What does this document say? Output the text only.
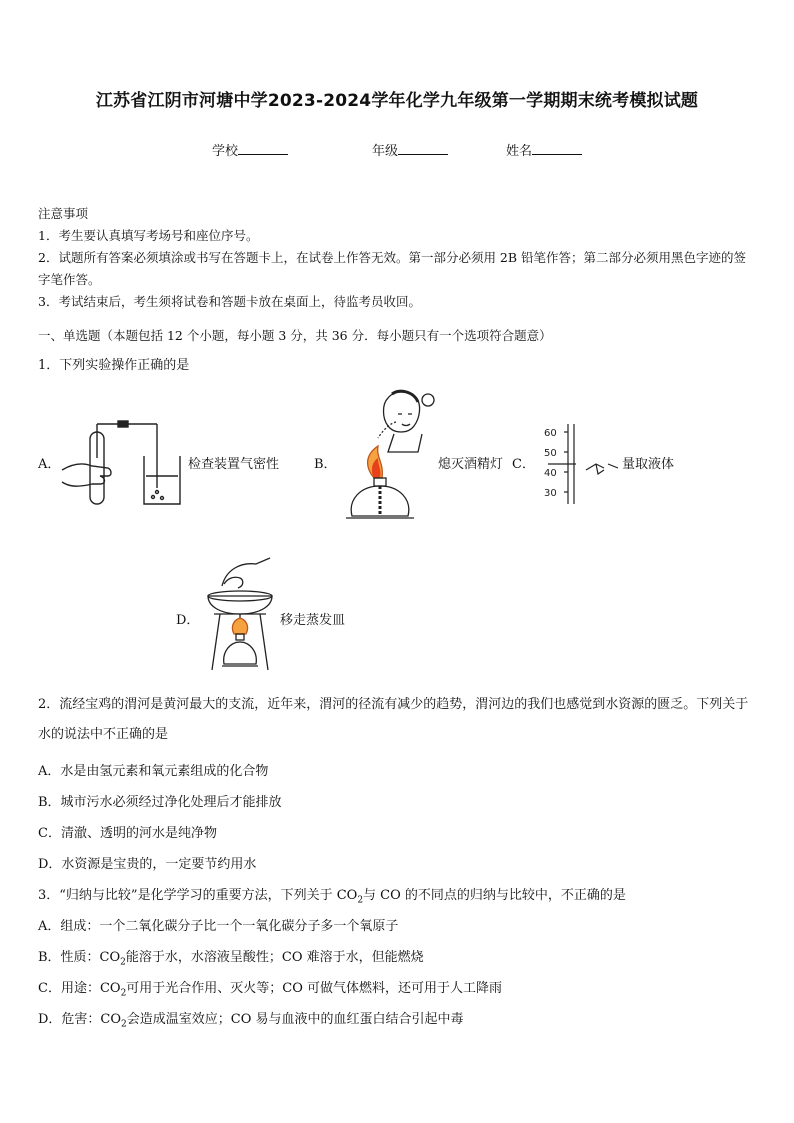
江苏省江阴市河塘中学2023-2024学年化学九年级第一学期期末统考模拟试题
学校	年级	姓名
注意事项
1．考生要认真填写考场号和座位序号。
2．试题所有答案必须填涂或书写在答题卡上，在试卷上作答无效。第一部分必须用 2B 铅笔作答；第二部分必须用黑色字迹的签字笔作答。
3．考试结束后，考生须将试卷和答题卡放在桌面上，待监考员收回。
一、单选题（本题包括 12 个小题，每小题 3 分，共 36 分．每小题只有一个选项符合题意）
1．下列实验操作正确的是
A．	检查装置气密性	B．	熄灭酒精灯 C．
60
50
40
30
量取液体
D．	移走蒸发皿
2．流经宝鸡的渭河是黄河最大的支流，近年来，渭河的径流有减少的趋势，渭河边的我们也感觉到水资源的匮乏。下列关于水的说法中不正确的是
A．水是由氢元素和氧元素组成的化合物
B．城市污水必须经过净化处理后才能排放
C．清澈、透明的河水是纯净物
D．水资源是宝贵的，一定要节约用水
3．“归纳与比较”是化学学习的重要方法，下列关于 $CO_2$与 CO 的不同点的归纳与比较中，不正确的是
A．组成：一个二氧化碳分子比一个一氧化碳分子多一个氧原子
B．性质：$CO_2$能溶于水，水溶液呈酸性；CO 难溶于水，但能燃烧
C．用途：$CO_2$可用于光合作用、灭火等；CO 可做气体燃料，还可用于人工降雨
D．危害：$CO_2$会造成温室效应；CO 易与血液中的血红蛋白结合引起中毒
